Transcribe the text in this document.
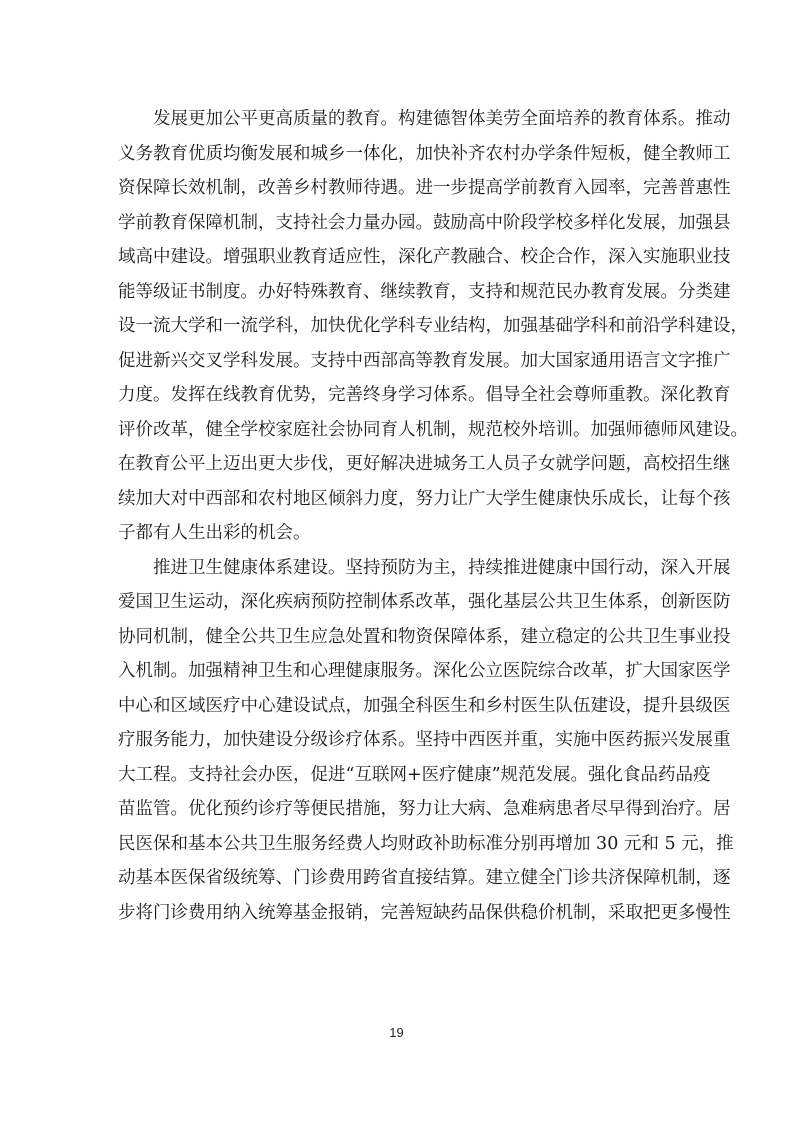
发展更加公平更高质量的教育。构建德智体美劳全面培养的教育体系。推动
义务教育优质均衡发展和城乡一体化，加快补齐农村办学条件短板，健全教师工
资保障长效机制，改善乡村教师待遇。进一步提高学前教育入园率，完善普惠性
学前教育保障机制，支持社会力量办园。鼓励高中阶段学校多样化发展，加强县
域高中建设。增强职业教育适应性，深化产教融合、校企合作，深入实施职业技
能等级证书制度。办好特殊教育、继续教育，支持和规范民办教育发展。分类建
设一流大学和一流学科，加快优化学科专业结构，加强基础学科和前沿学科建设，
促进新兴交叉学科发展。支持中西部高等教育发展。加大国家通用语言文字推广
力度。发挥在线教育优势，完善终身学习体系。倡导全社会尊师重教。深化教育
评价改革，健全学校家庭社会协同育人机制，规范校外培训。加强师德师风建设。
在教育公平上迈出更大步伐，更好解决进城务工人员子女就学问题，高校招生继
续加大对中西部和农村地区倾斜力度，努力让广大学生健康快乐成长，让每个孩
子都有人生出彩的机会。
推进卫生健康体系建设。坚持预防为主，持续推进健康中国行动，深入开展
爱国卫生运动，深化疾病预防控制体系改革，强化基层公共卫生体系，创新医防
协同机制，健全公共卫生应急处置和物资保障体系，建立稳定的公共卫生事业投
入机制。加强精神卫生和心理健康服务。深化公立医院综合改革，扩大国家医学
中心和区域医疗中心建设试点，加强全科医生和乡村医生队伍建设，提升县级医
疗服务能力，加快建设分级诊疗体系。坚持中西医并重，实施中医药振兴发展重
大工程。支持社会办医，促进“互联网+医疗健康”规范发展。强化食品药品疫
苗监管。优化预约诊疗等便民措施，努力让大病、急难病患者尽早得到治疗。居
民医保和基本公共卫生服务经费人均财政补助标准分别再增加 30 元和 5 元，推
动基本医保省级统筹、门诊费用跨省直接结算。建立健全门诊共济保障机制，逐
步将门诊费用纳入统筹基金报销，完善短缺药品保供稳价机制，采取把更多慢性
19
